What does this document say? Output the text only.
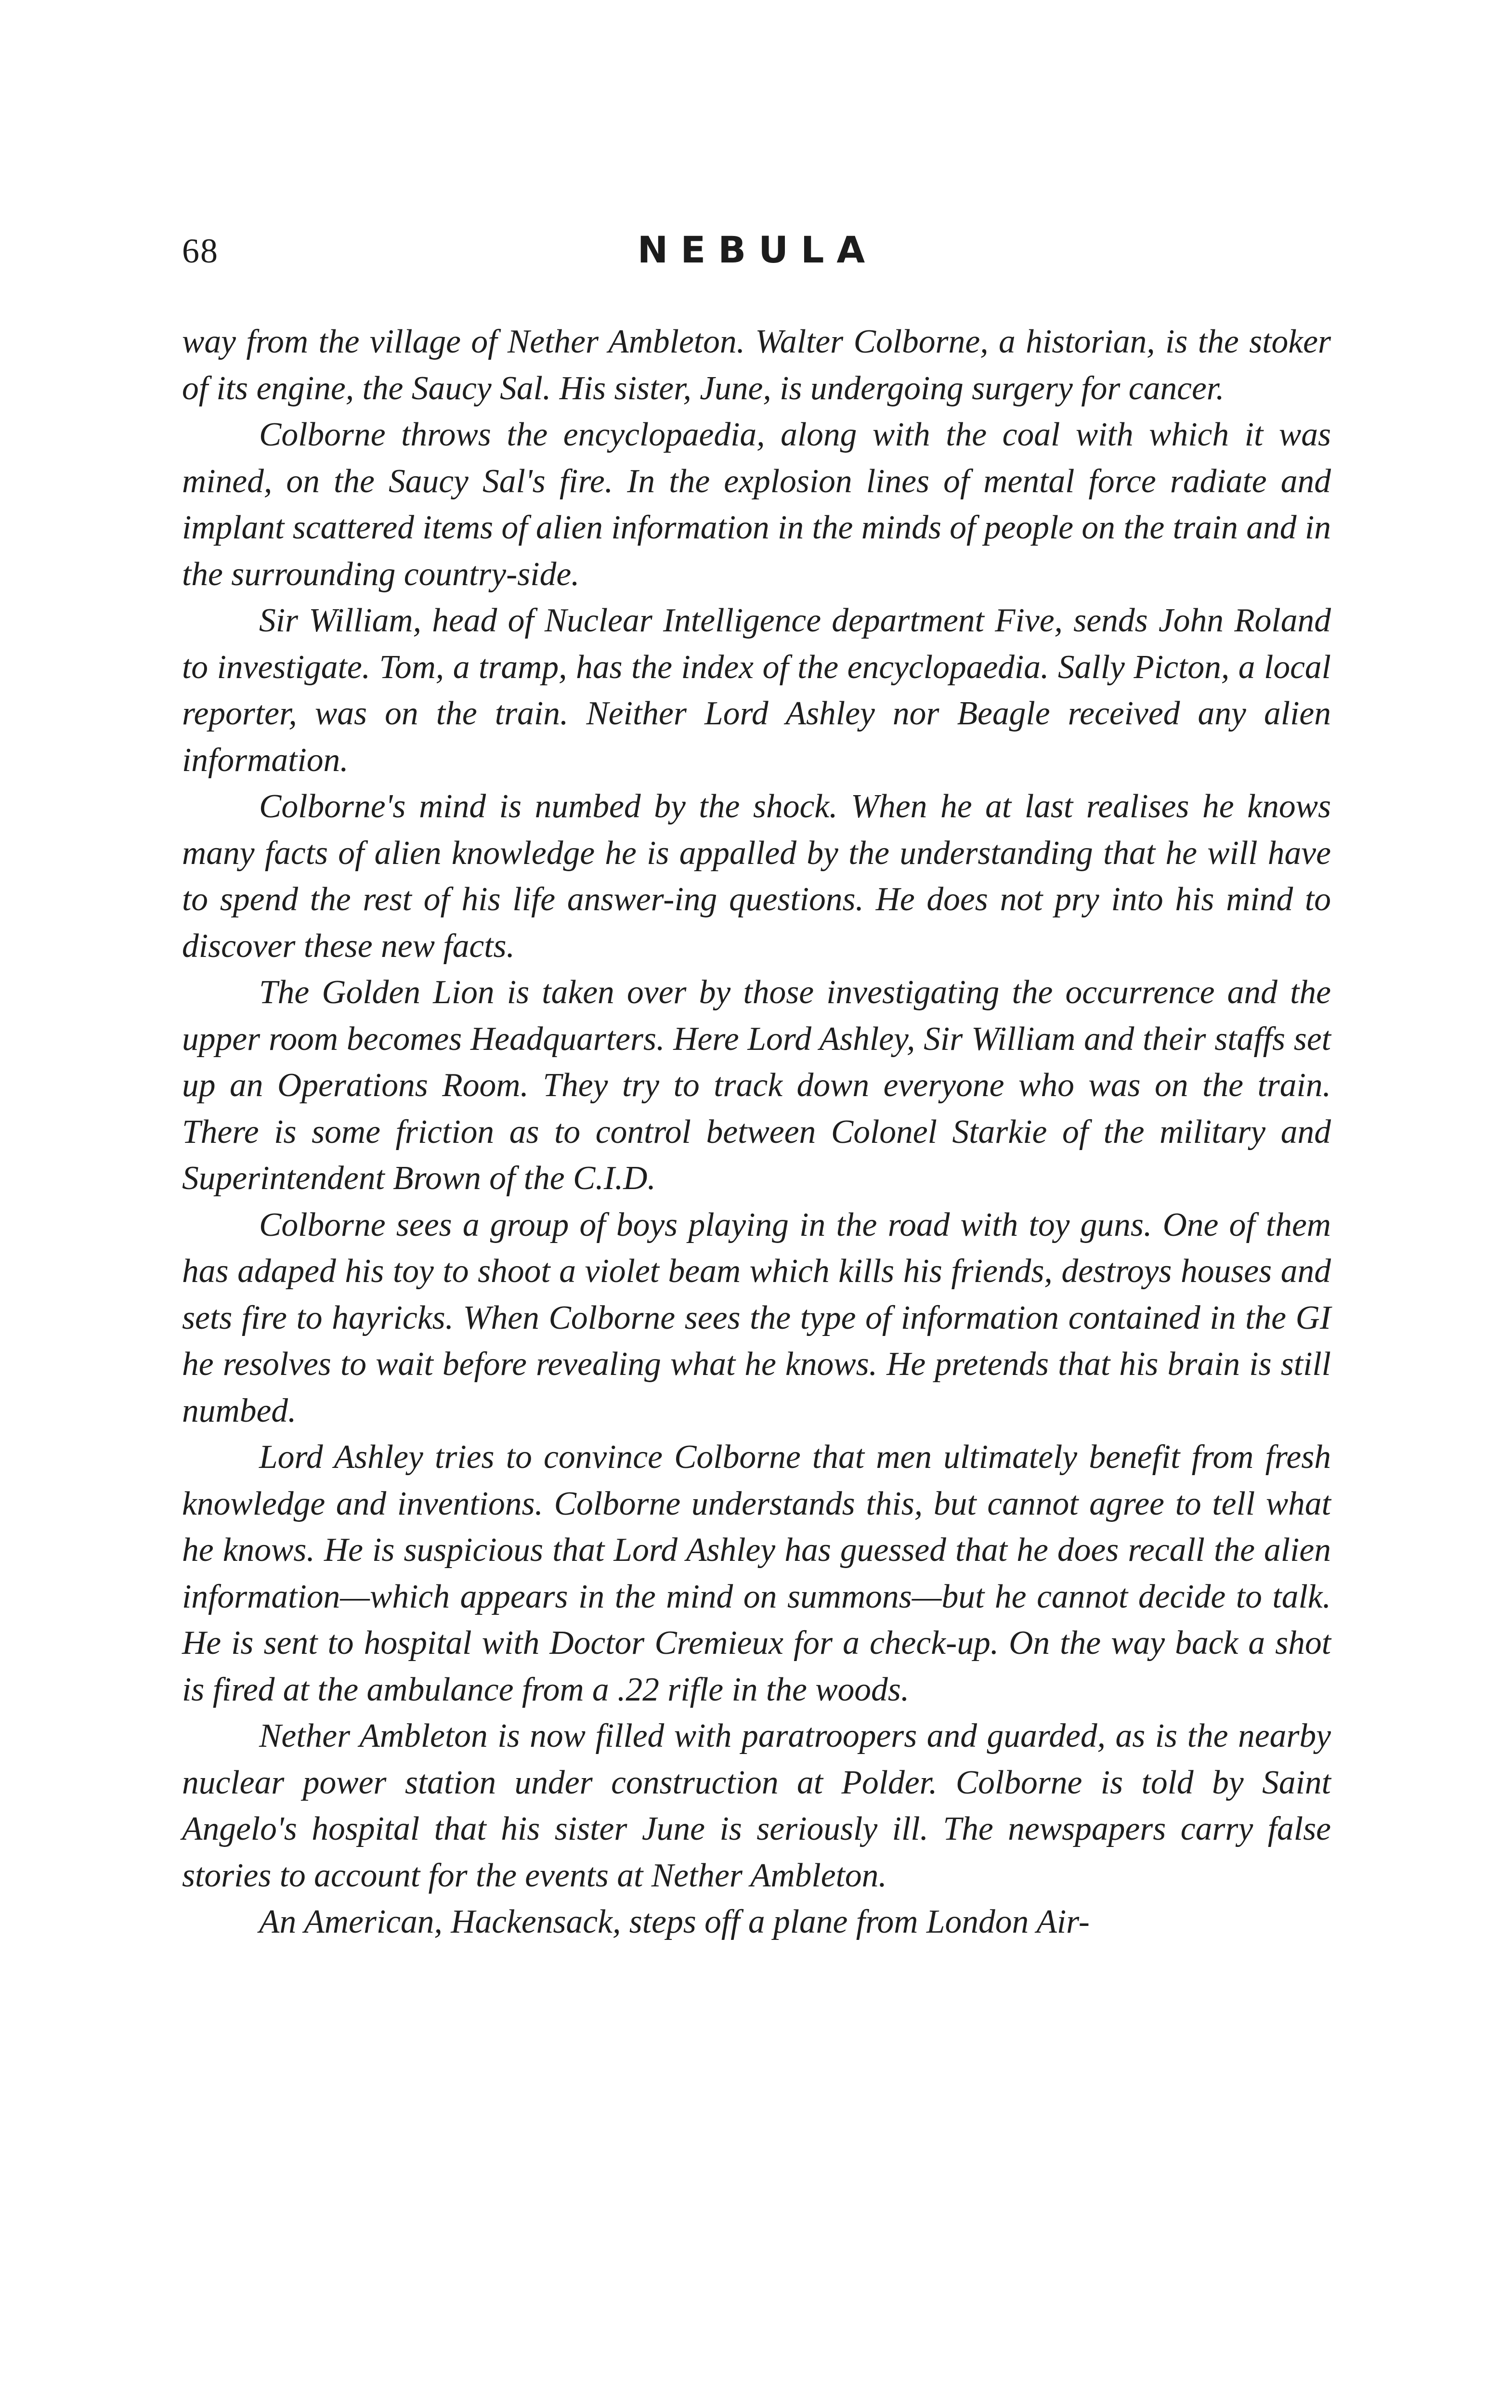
68	NEBULA

way from the village of Nether Ambleton. Walter Colborne, a historian, is the stoker of its engine, the Saucy Sal. His sister, June, is undergoing surgery for cancer.

Colborne throws the encyclopaedia, along with the coal with which it was mined, on the Saucy Sal's fire. In the explosion lines of mental force radiate and implant scattered items of alien information in the minds of people on the train and in the surrounding country-side.

Sir William, head of Nuclear Intelligence department Five, sends John Roland to investigate. Tom, a tramp, has the index of the encyclopaedia. Sally Picton, a local reporter, was on the train. Neither Lord Ashley nor Beagle received any alien information.

Colborne's mind is numbed by the shock. When he at last realises he knows many facts of alien knowledge he is appalled by the understanding that he will have to spend the rest of his life answer-ing questions. He does not pry into his mind to discover these new facts.

The Golden Lion is taken over by those investigating the occurrence and the upper room becomes Headquarters. Here Lord Ashley, Sir William and their staffs set up an Operations Room. They try to track down everyone who was on the train. There is some friction as to control between Colonel Starkie of the military and Superintendent Brown of the C.I.D.

Colborne sees a group of boys playing in the road with toy guns. One of them has adaped his toy to shoot a violet beam which kills his friends, destroys houses and sets fire to hayricks. When Colborne sees the type of information contained in the GI he resolves to wait before revealing what he knows. He pretends that his brain is still numbed.

Lord Ashley tries to convince Colborne that men ultimately benefit from fresh knowledge and inventions. Colborne understands this, but cannot agree to tell what he knows. He is suspicious that Lord Ashley has guessed that he does recall the alien information—which appears in the mind on summons—but he cannot decide to talk. He is sent to hospital with Doctor Cremieux for a check-up. On the way back a shot is fired at the ambulance from a .22 rifle in the woods.

Nether Ambleton is now filled with paratroopers and guarded, as is the nearby nuclear power station under construction at Polder. Colborne is told by Saint Angelo's hospital that his sister June is seriously ill. The newspapers carry false stories to account for the events at Nether Ambleton.

An American, Hackensack, steps off a plane from London Air-
